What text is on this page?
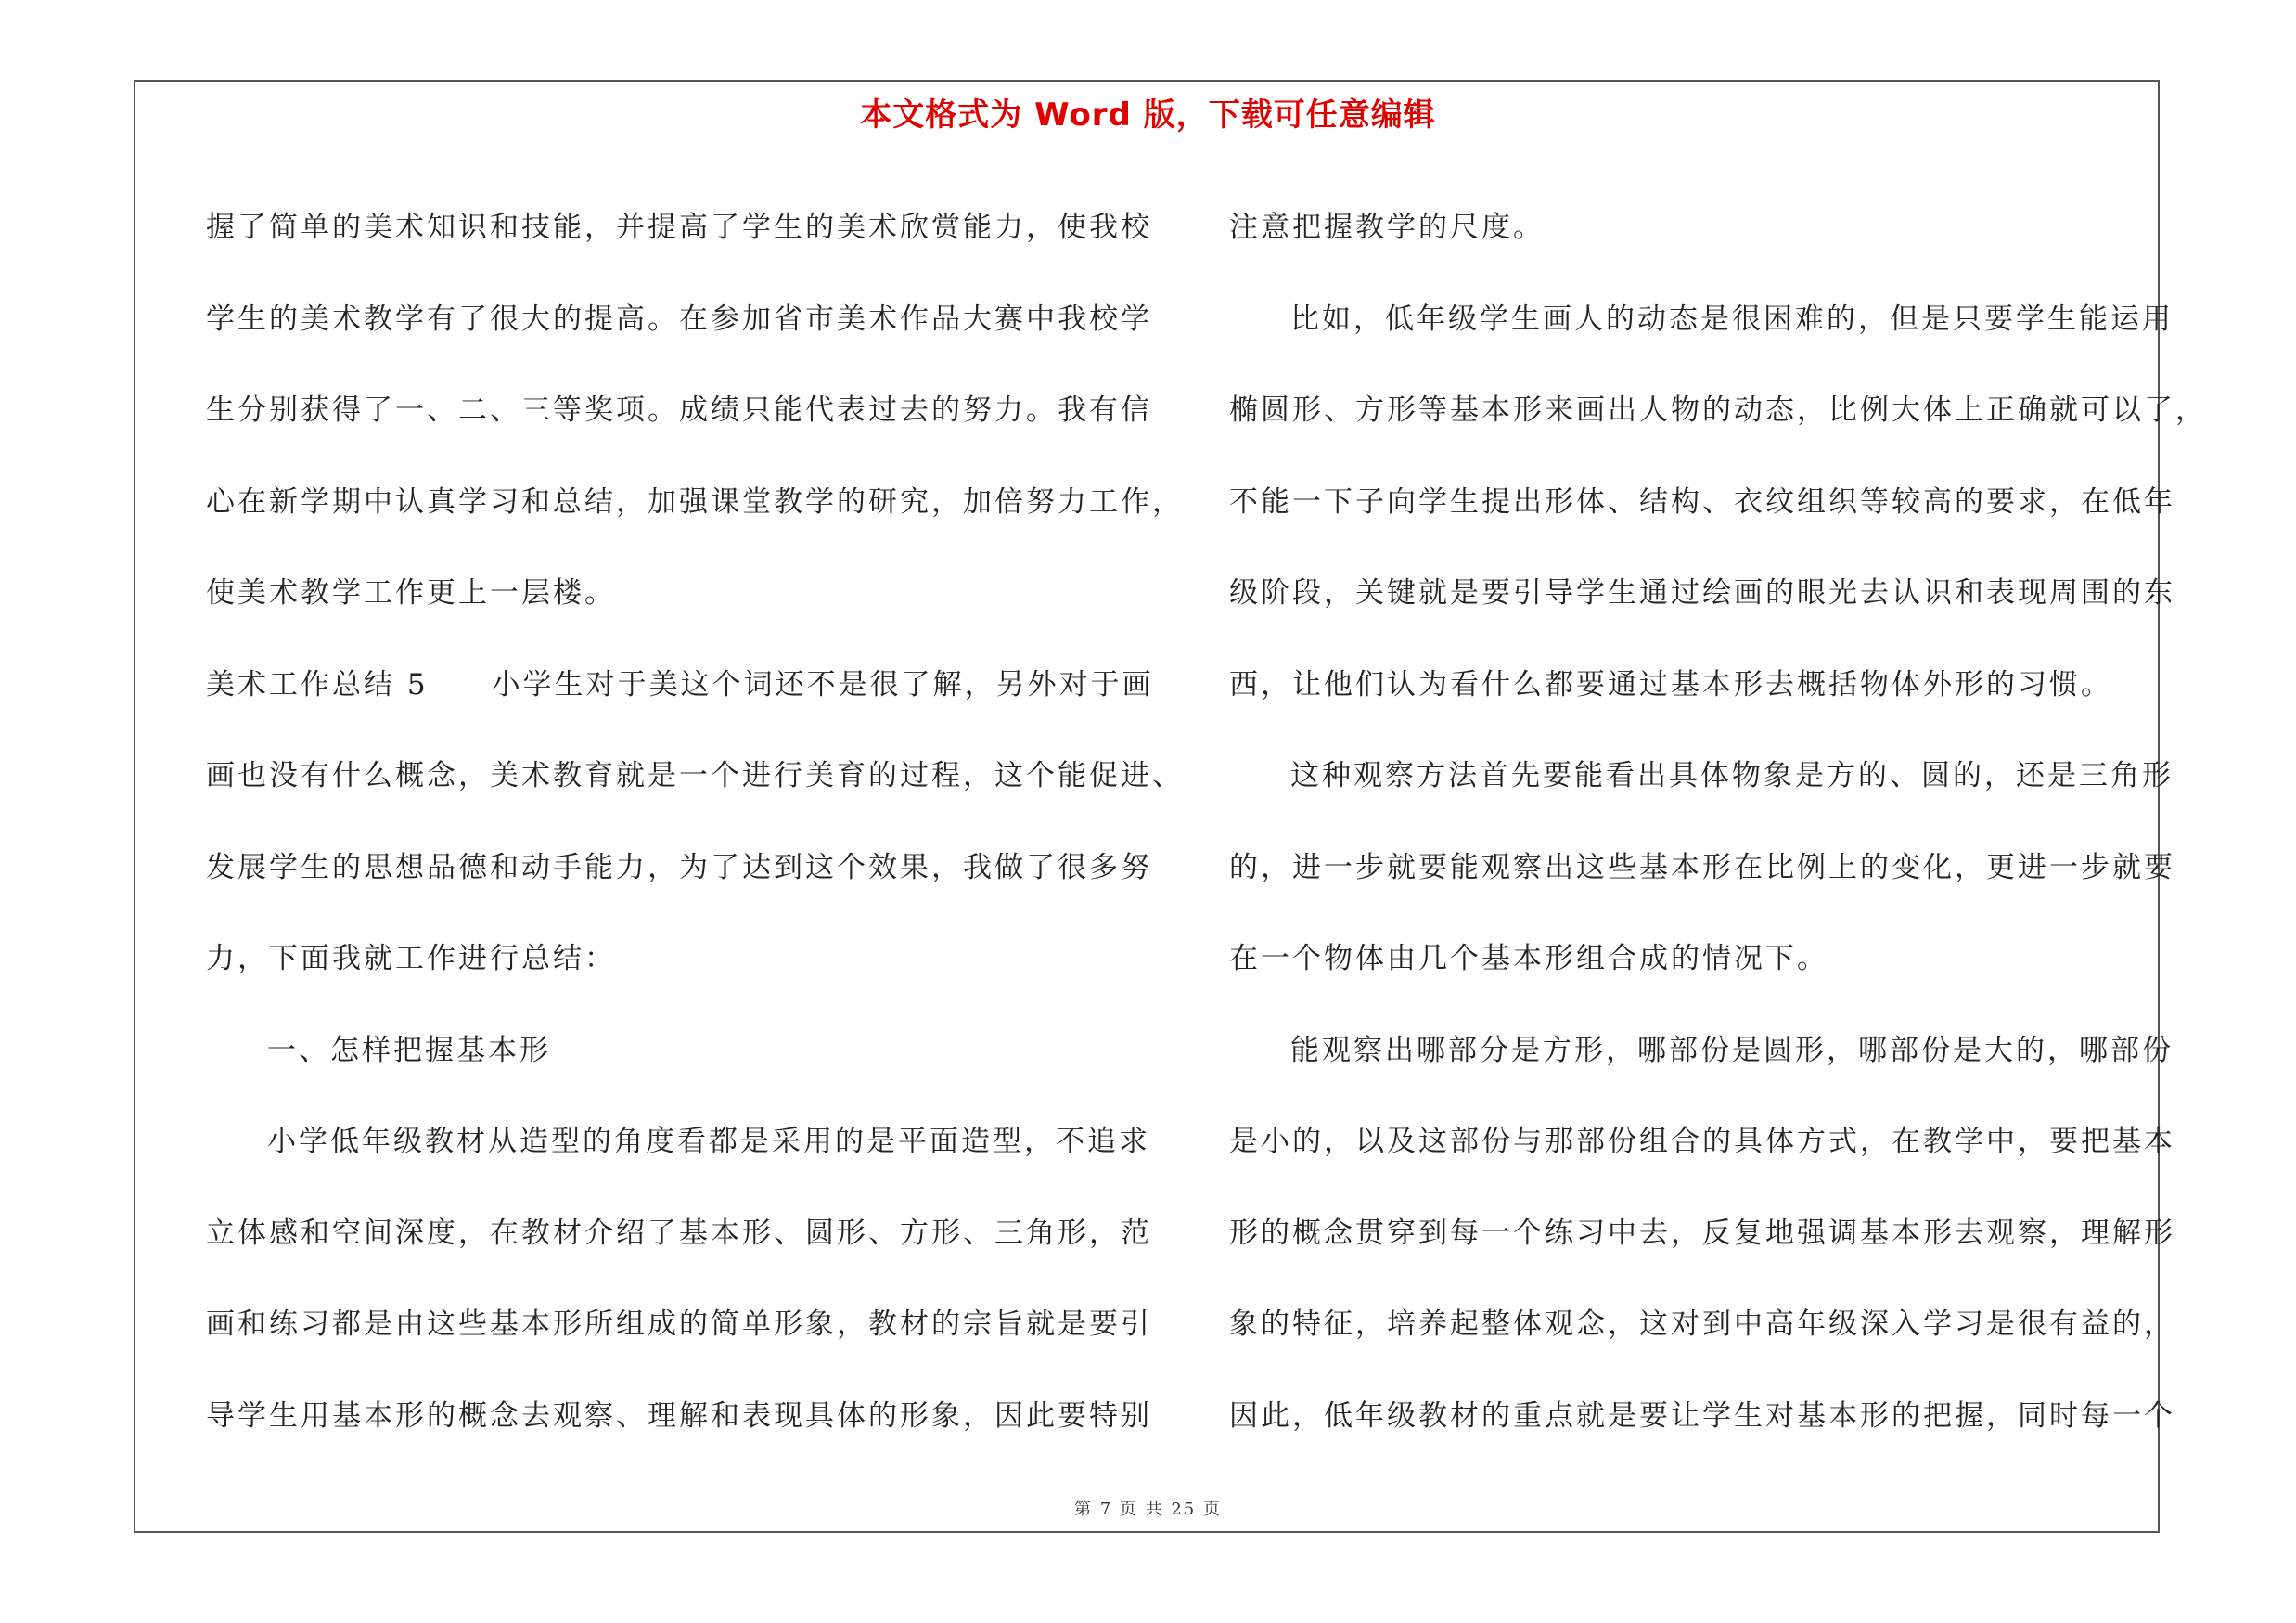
本文格式为 Word 版，下载可任意编辑
握了简单的美术知识和技能，并提高了学生的美术欣赏能力，使我校
学生的美术教学有了很大的提高。在参加省市美术作品大赛中我校学
生分别获得了一、二、三等奖项。成绩只能代表过去的努力。我有信
心在新学期中认真学习和总结，加强课堂教学的研究，加倍努力工作，
使美术教学工作更上一层楼。
美术工作总结 5　　小学生对于美这个词还不是很了解，另外对于画
画也没有什么概念，美术教育就是一个进行美育的过程，这个能促进、
发展学生的思想品德和动手能力，为了达到这个效果，我做了很多努
力，下面我就工作进行总结：
一、怎样把握基本形
小学低年级教材从造型的角度看都是采用的是平面造型，不追求
立体感和空间深度，在教材介绍了基本形、圆形、方形、三角形，范
画和练习都是由这些基本形所组成的简单形象，教材的宗旨就是要引
导学生用基本形的概念去观察、理解和表现具体的形象，因此要特别
注意把握教学的尺度。
比如，低年级学生画人的动态是很困难的，但是只要学生能运用
椭圆形、方形等基本形来画出人物的动态，比例大体上正确就可以了，
不能一下子向学生提出形体、结构、衣纹组织等较高的要求，在低年
级阶段，关键就是要引导学生通过绘画的眼光去认识和表现周围的东
西，让他们认为看什么都要通过基本形去概括物体外形的习惯。
这种观察方法首先要能看出具体物象是方的、圆的，还是三角形
的，进一步就要能观察出这些基本形在比例上的变化，更进一步就要
在一个物体由几个基本形组合成的情况下。
能观察出哪部分是方形，哪部份是圆形，哪部份是大的，哪部份
是小的，以及这部份与那部份组合的具体方式，在教学中，要把基本
形的概念贯穿到每一个练习中去，反复地强调基本形去观察，理解形
象的特征，培养起整体观念，这对到中高年级深入学习是很有益的，
因此，低年级教材的重点就是要让学生对基本形的把握，同时每一个
第 7 页 共 25 页
